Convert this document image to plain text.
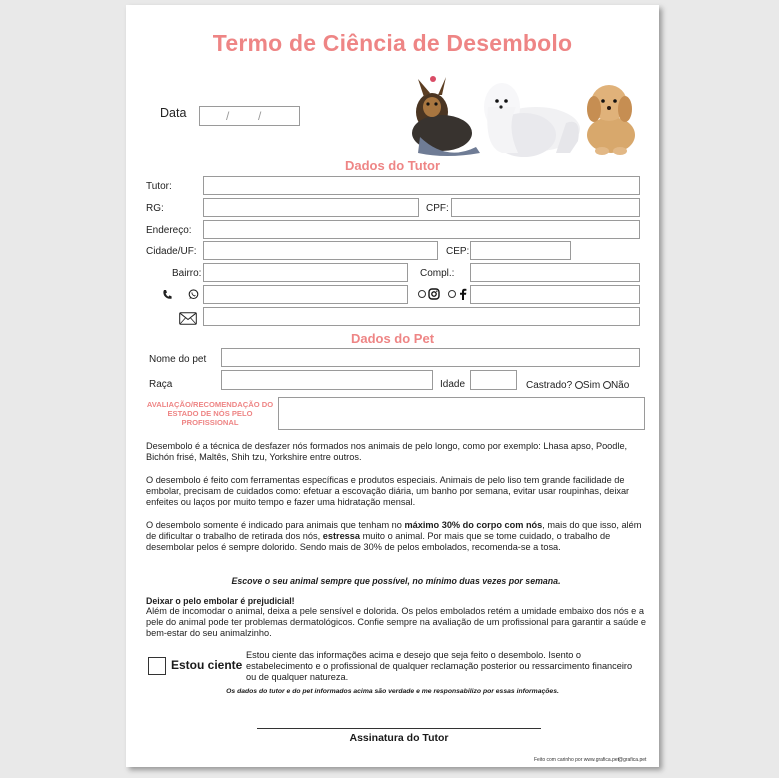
Termo de Ciência de Desembolo
Data	/ /
Dados do Tutor
Tutor:
RG:	CPF:
Endereço:
Cidade/UF:	CEP:
Bairro:	Compl.:
Dados do Pet
Nome do pet
Raça	Idade	Castrado? Sim Não
AVALIAÇÃO/RECOMENDAÇÃO DO ESTADO DE NÓS PELO PROFISSIONAL
Desembolo é a técnica de desfazer nós formados nos animais de pelo longo, como por exemplo: Lhasa apso, Poodle, Bichón frisé, Maltês, Shih tzu, Yorkshire entre outros.
O desembolo é feito com ferramentas específicas e produtos especiais. Animais de pelo liso tem grande facilidade de embolar, precisam de cuidados como: efetuar a escovação diária, um banho por semana, evitar usar roupinhas, deixar enfeites ou laços por muito tempo e fazer uma hidratação mensal.
O desembolo somente é indicado para animais que tenham no máximo 30% do corpo com nós, mais do que isso, além de dificultar o trabalho de retirada dos nós, estressa muito o animal. Por mais que se tome cuidado, o trabalho de desembolar pelos é sempre dolorido. Sendo mais de 30% de pelos embolados, recomenda-se a tosa.
Escove o seu animal sempre que possível, no mínimo duas vezes por semana.
Deixar o pelo embolar é prejudicial!
Além de incomodar o animal, deixa a pele sensível e dolorida. Os pelos embolados retém a umidade embaixo dos nós e a pele do animal pode ter problemas dermatológicos. Confie sempre na avaliação de um profissional para garantir a saúde e bem-estar do seu animalzinho.
Estou ciente
Estou ciente das informações acima e desejo que seja feito o desembolo. Isento o estabelecimento e o profissional de qualquer reclamação posterior ou ressarcimento financeiro ou de qualquer natureza.
Os dados do tutor e do pet informados acima são verdade e me responsabilizo por essas informações.
Assinatura do Tutor
Feito com carinho por www.grafica.pet
@grafica.pet
